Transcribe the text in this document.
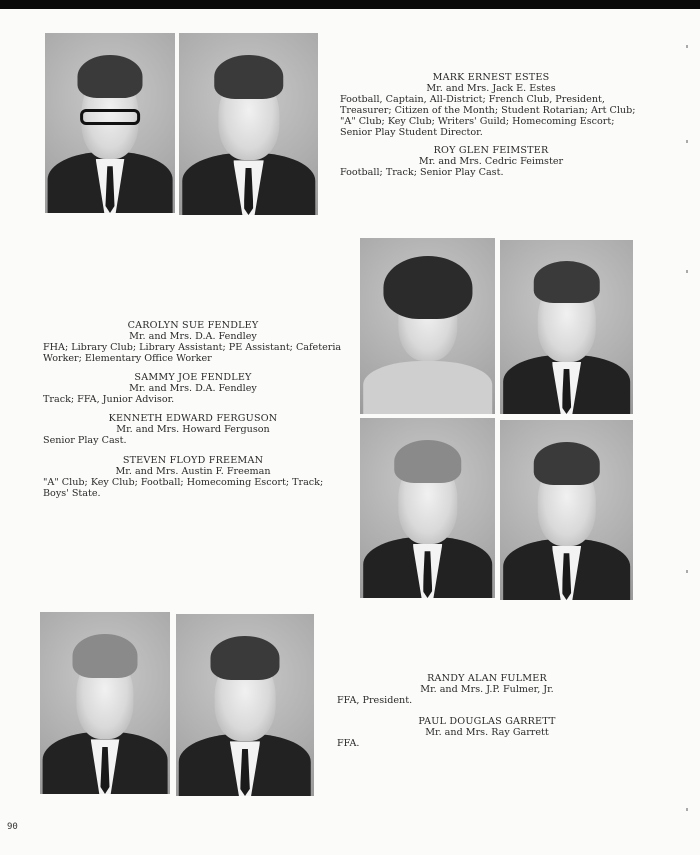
MARK ERNEST ESTES
Mr. and Mrs. Jack E. Estes
Football, Captain, All-District; French Club, President, Treasurer; Citizen of the Month; Student Rotarian; Art Club; "A" Club; Key Club; Writers' Guild; Homecoming Escort; Senior Play Student Director.
ROY GLEN FEIMSTER
Mr. and Mrs. Cedric Feimster
Football; Track; Senior Play Cast.
CAROLYN SUE FENDLEY
Mr. and Mrs. D.A. Fendley
FHA; Library Club; Library Assistant; PE Assistant; Cafeteria Worker; Elementary Office Worker
SAMMY JOE FENDLEY
Mr. and Mrs. D.A. Fendley
Track; FFA, Junior Advisor.
KENNETH EDWARD FERGUSON
Mr. and Mrs. Howard Ferguson
Senior Play Cast.
STEVEN FLOYD FREEMAN
Mr. and Mrs. Austin F. Freeman
"A" Club; Key Club; Football; Homecoming Escort; Track; Boys' State.
RANDY ALAN FULMER
Mr. and Mrs. J.P. Fulmer, Jr.
FFA, President.
PAUL DOUGLAS GARRETT
Mr. and Mrs. Ray Garrett
FFA.
90
